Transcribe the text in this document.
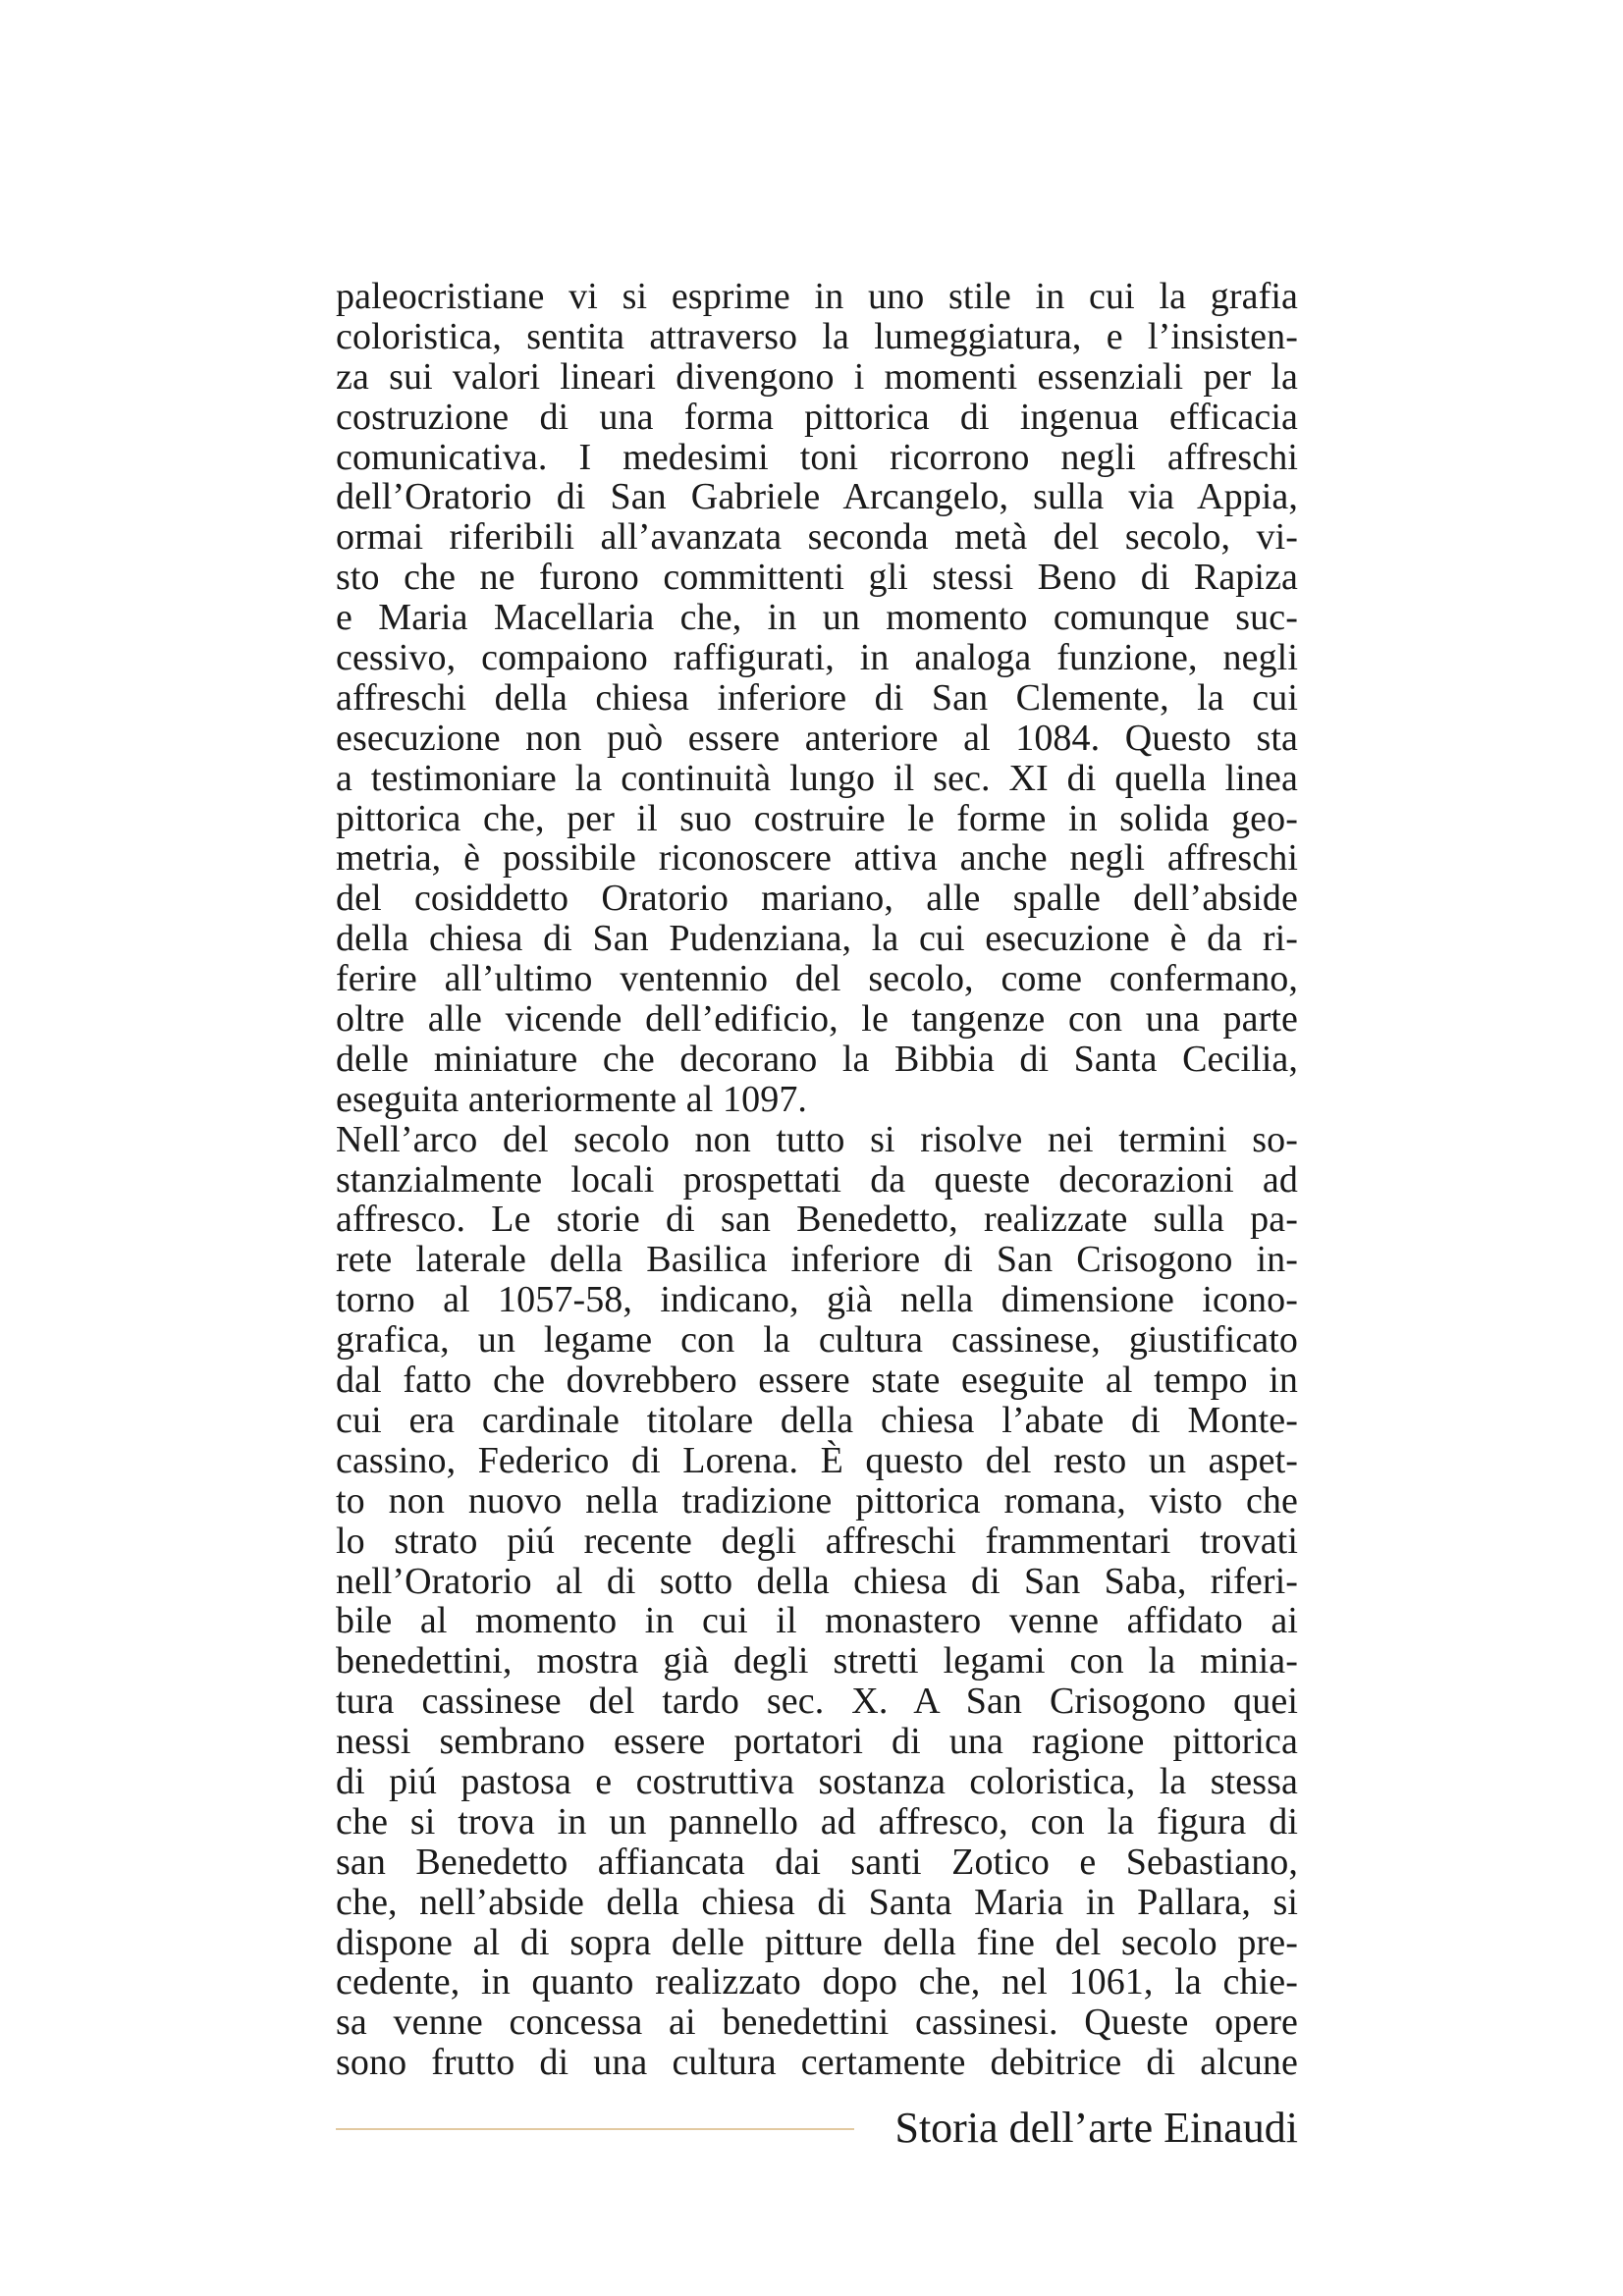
paleocristiane vi si esprime in uno stile in cui la grafia
coloristica, sentita attraverso la lumeggiatura, e l’insisten-
za sui valori lineari divengono i momenti essenziali per la
costruzione di una forma pittorica di ingenua efficacia
comunicativa. I medesimi toni ricorrono negli affreschi
dell’Oratorio di San Gabriele Arcangelo, sulla via Appia,
ormai riferibili all’avanzata seconda metà del secolo, vi-
sto che ne furono committenti gli stessi Beno di Rapiza
e Maria Macellaria che, in un momento comunque suc-
cessivo, compaiono raffigurati, in analoga funzione, negli
affreschi della chiesa inferiore di San Clemente, la cui
esecuzione non può essere anteriore al 1084. Questo sta
a testimoniare la continuità lungo il sec. XI di quella linea
pittorica che, per il suo costruire le forme in solida geo-
metria, è possibile riconoscere attiva anche negli affreschi
del cosiddetto Oratorio mariano, alle spalle dell’abside
della chiesa di San Pudenziana, la cui esecuzione è da ri-
ferire all’ultimo ventennio del secolo, come confermano,
oltre alle vicende dell’edificio, le tangenze con una parte
delle miniature che decorano la Bibbia di Santa Cecilia,
eseguita anteriormente al 1097.
Nell’arco del secolo non tutto si risolve nei termini so-
stanzialmente locali prospettati da queste decorazioni ad
affresco. Le storie di san Benedetto, realizzate sulla pa-
rete laterale della Basilica inferiore di San Crisogono in-
torno al 1057-58, indicano, già nella dimensione icono-
grafica, un legame con la cultura cassinese, giustificato
dal fatto che dovrebbero essere state eseguite al tempo in
cui era cardinale titolare della chiesa l’abate di Monte-
cassino, Federico di Lorena. È questo del resto un aspet-
to non nuovo nella tradizione pittorica romana, visto che
lo strato piú recente degli affreschi frammentari trovati
nell’Oratorio al di sotto della chiesa di San Saba, riferi-
bile al momento in cui il monastero venne affidato ai
benedettini, mostra già degli stretti legami con la minia-
tura cassinese del tardo sec. X. A San Crisogono quei
nessi sembrano essere portatori di una ragione pittorica
di piú pastosa e costruttiva sostanza coloristica, la stessa
che si trova in un pannello ad affresco, con la figura di
san Benedetto affiancata dai santi Zotico e Sebastiano,
che, nell’abside della chiesa di Santa Maria in Pallara, si
dispone al di sopra delle pitture della fine del secolo pre-
cedente, in quanto realizzato dopo che, nel 1061, la chie-
sa venne concessa ai benedettini cassinesi. Queste opere
sono frutto di una cultura certamente debitrice di alcune
Storia dell’arte Einaudi
